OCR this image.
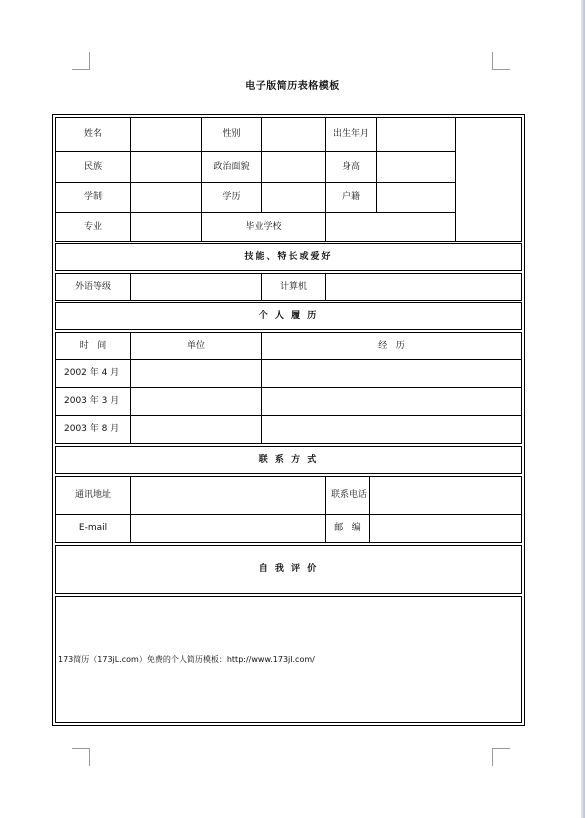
电子版简历表格模板
姓名	性别	出生年月
民族	政治面貌	身高
学制	学历	户籍
专业	毕业学校
技能、特长或爱好
外语等级	计算机
个 人 履 历
时   间	单位	经   历
2002 年 4 月
2003 年 3 月
2003 年 8 月
联 系 方 式
通讯地址	联系电话
E-mail	邮   编
自 我 评 价
173简历（173jL.com）免费的个人简历模板：http://www.173jl.com/
